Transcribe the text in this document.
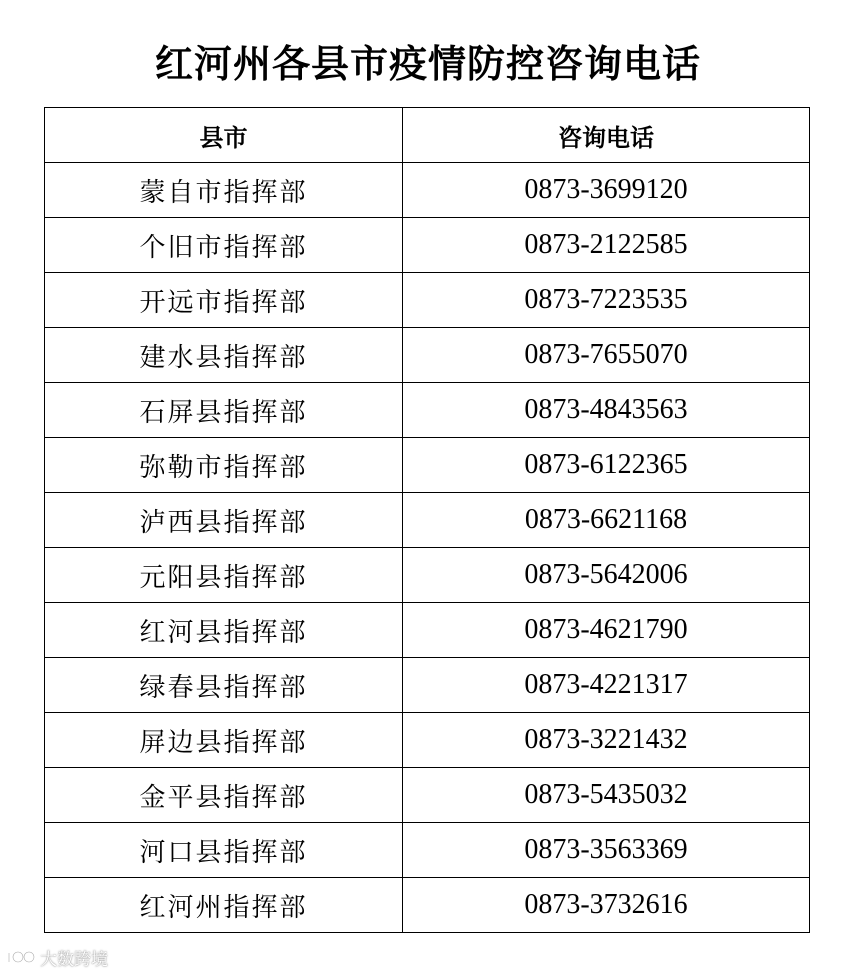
红河州各县市疫情防控咨询电话
县市	咨询电话
蒙自市指挥部	0873-3699120
个旧市指挥部	0873-2122585
开远市指挥部	0873-7223535
建水县指挥部	0873-7655070
石屏县指挥部	0873-4843563
弥勒市指挥部	0873-6122365
泸西县指挥部	0873-6621168
元阳县指挥部	0873-5642006
红河县指挥部	0873-4621790
绿春县指挥部	0873-4221317
屏边县指挥部	0873-3221432
金平县指挥部	0873-5435032
河口县指挥部	0873-3563369
红河州指挥部	0873-3732616
大数跨境
